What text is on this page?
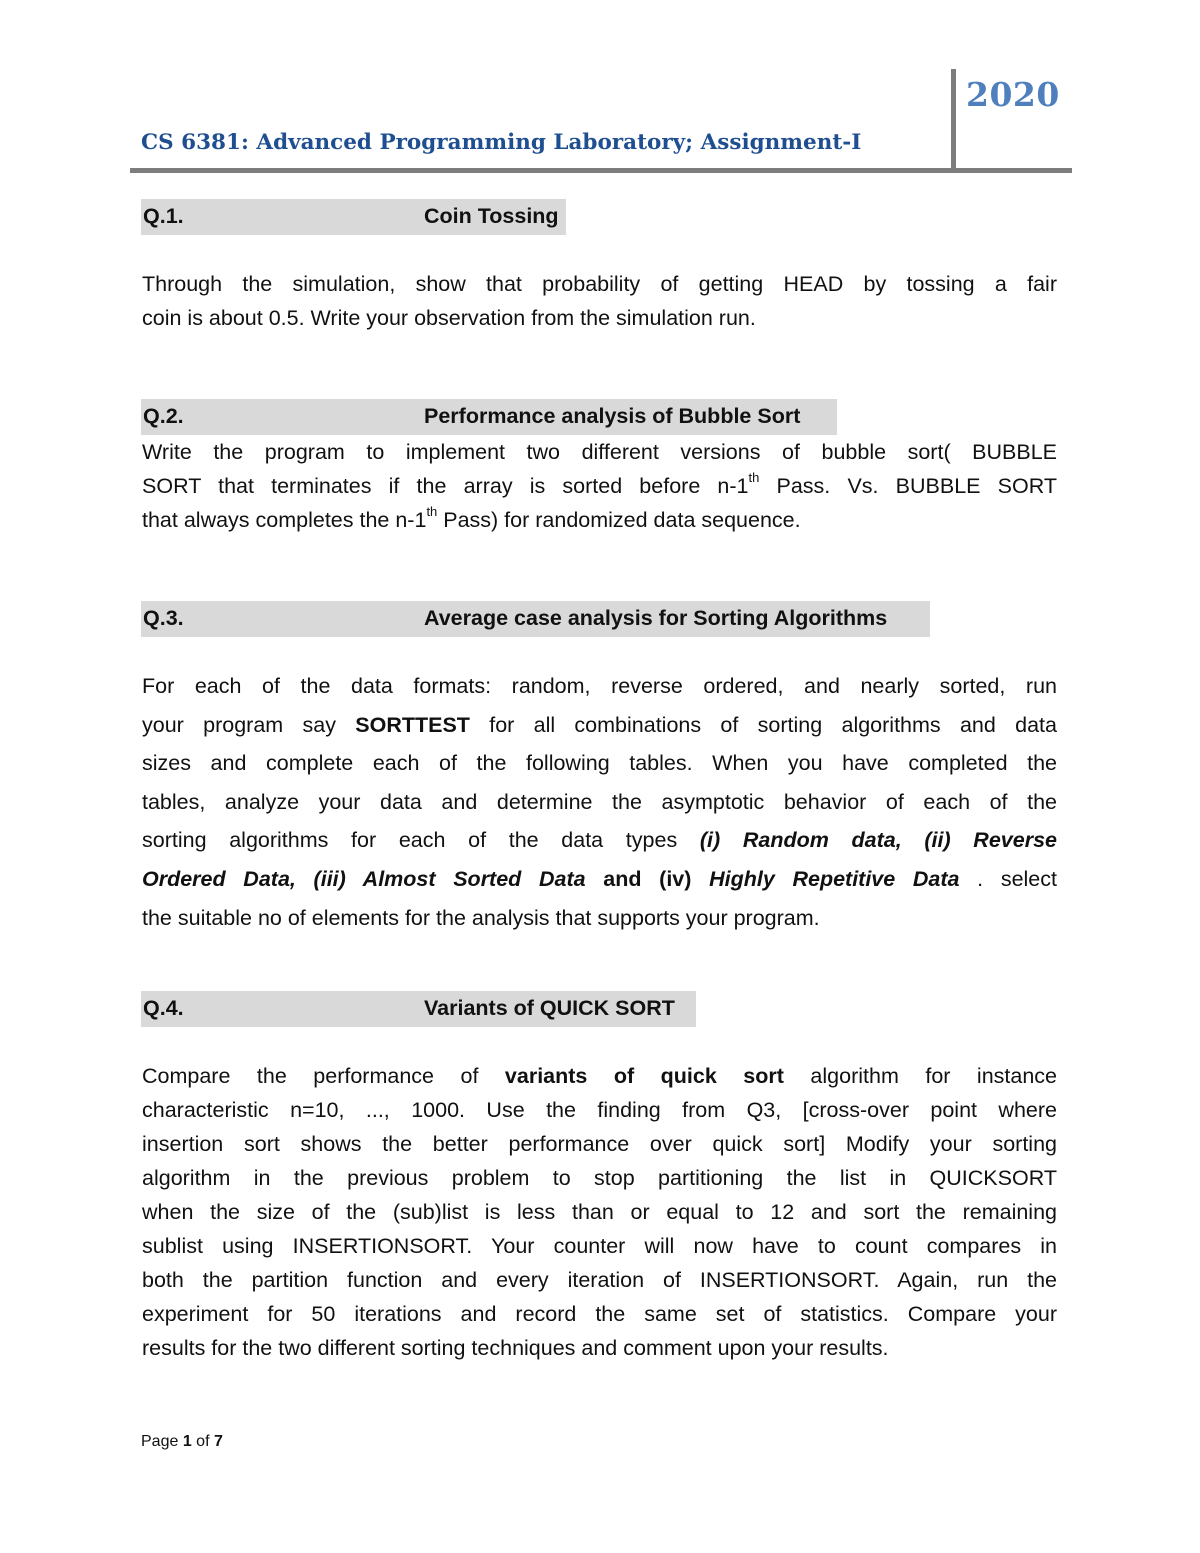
2020
CS 6381: Advanced Programming Laboratory; Assignment-I
Q.1.	Coin Tossing
Through the simulation, show that probability of getting HEAD by tossing a fair
coin is about 0.5. Write your observation from the simulation run.
Q.2.	Performance analysis of Bubble Sort
Write the program to implement two different versions of bubble sort( BUBBLE
SORT that terminates if the array is sorted before n-1th Pass. Vs. BUBBLE SORT
that always completes the n-1th Pass) for randomized data sequence.
Q.3.	Average case analysis for Sorting Algorithms
For each of the data formats: random, reverse ordered, and nearly sorted, run
your program say SORTTEST for all combinations of sorting algorithms and data
sizes and complete each of the following tables. When you have completed the
tables, analyze your data and determine the asymptotic behavior of each of the
sorting algorithms for each of the data types (i) Random data, (ii) Reverse
Ordered Data, (iii) Almost Sorted Data and (iv) Highly Repetitive Data . select
the suitable no of elements for the analysis that supports your program.
Q.4.	Variants of QUICK SORT
Compare the performance of variants of quick sort algorithm for instance
characteristic n=10, ..., 1000. Use the finding from Q3, [cross-over point where
insertion sort shows the better performance over quick sort] Modify your sorting
algorithm in the previous problem to stop partitioning the list in QUICKSORT
when the size of the (sub)list is less than or equal to 12 and sort the remaining
sublist using INSERTIONSORT. Your counter will now have to count compares in
both the partition function and every iteration of INSERTIONSORT. Again, run the
experiment for 50 iterations and record the same set of statistics. Compare your
results for the two different sorting techniques and comment upon your results.
Page 1 of 7
